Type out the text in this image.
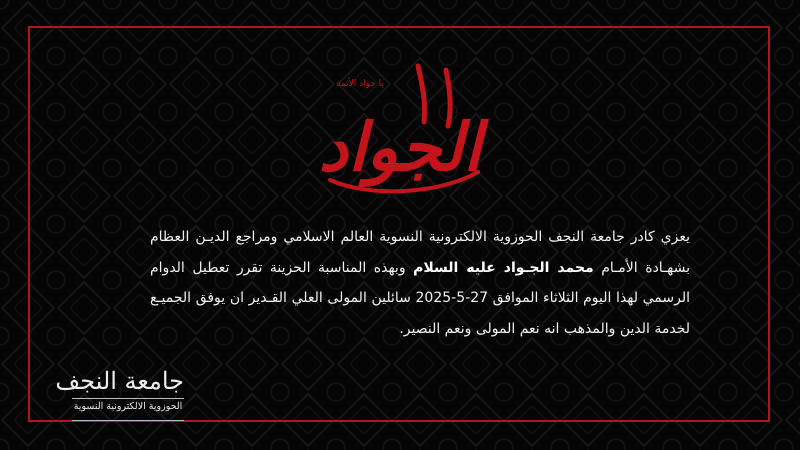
الجواد
يا جواد الأئمة
يعزي كادر جامعة النجف الحوزوية الالكترونية النسوية العالم الاسلامي ومراجع الديـن العظام بشهـادة الأمـام محمد الجـواد عليه السلام وبهذه المناسبة الحزينة تقرر تعطيل الدوام الرسمي لهذا اليوم الثلاثاء الموافق 27-5-2025 سائلين المولى العلي القـدير ان يوفق الجميـع لخدمة الدين والمذهب انه نعم المولى ونعم النصير.
جامعة النجف
الحوزوية الالكترونية النسوية
